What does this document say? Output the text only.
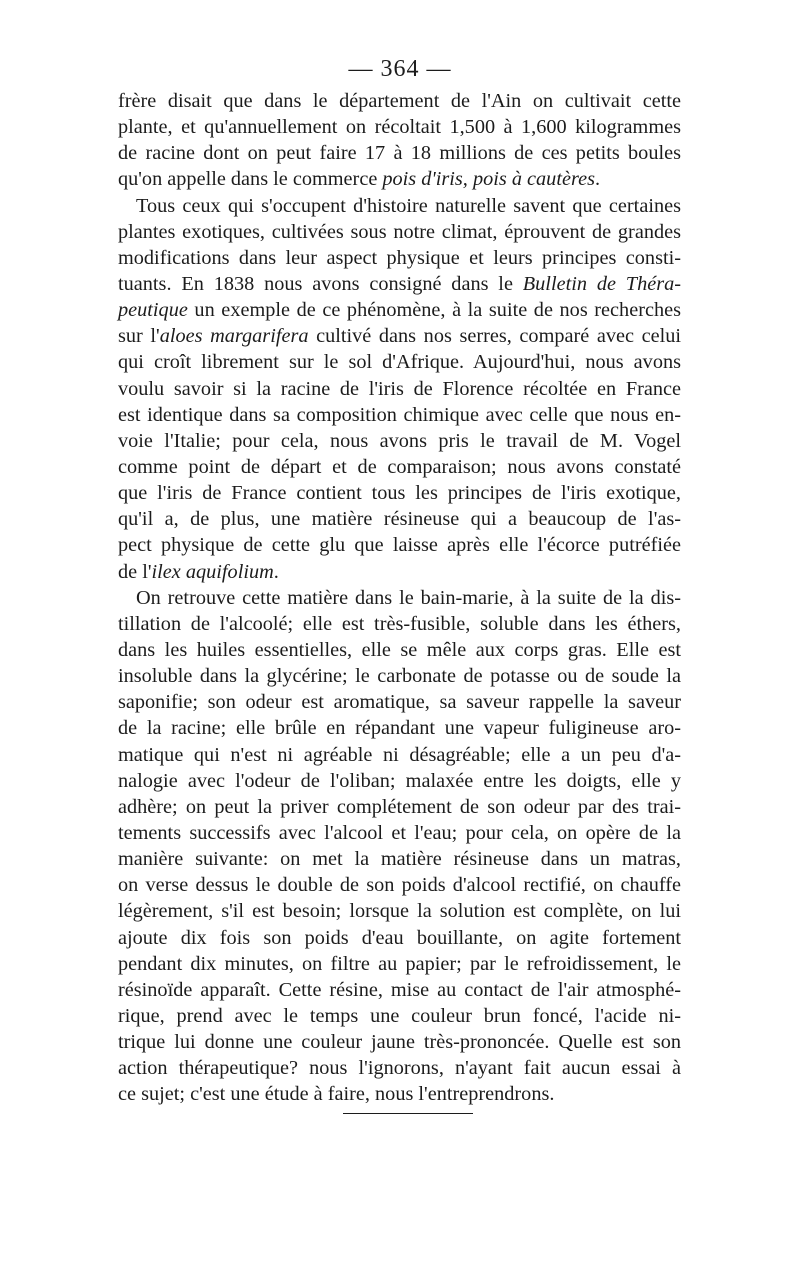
— 364 —
frère disait que dans le département de l'Ain on cultivait cette
plante, et qu'annuellement on récoltait 1,500 à 1,600 kilogrammes
de racine dont on peut faire 17 à 18 millions de ces petits boules
qu'on appelle dans le commerce pois d'iris, pois à cautères.
Tous ceux qui s'occupent d'histoire naturelle savent que certaines
plantes exotiques, cultivées sous notre climat, éprouvent de grandes
modifications dans leur aspect physique et leurs principes consti-
tuants. En 1838 nous avons consigné dans le Bulletin de Théra-
peutique un exemple de ce phénomène, à la suite de nos recherches
sur l'aloes margarifera cultivé dans nos serres, comparé avec celui
qui croît librement sur le sol d'Afrique. Aujourd'hui, nous avons
voulu savoir si la racine de l'iris de Florence récoltée en France
est identique dans sa composition chimique avec celle que nous en-
voie l'Italie; pour cela, nous avons pris le travail de M. Vogel
comme point de départ et de comparaison; nous avons constaté
que l'iris de France contient tous les principes de l'iris exotique,
qu'il a, de plus, une matière résineuse qui a beaucoup de l'as-
pect physique de cette glu que laisse après elle l'écorce putréfiée
de l'ilex aquifolium.
On retrouve cette matière dans le bain-marie, à la suite de la dis-
tillation de l'alcoolé; elle est très-fusible, soluble dans les éthers,
dans les huiles essentielles, elle se mêle aux corps gras. Elle est
insoluble dans la glycérine; le carbonate de potasse ou de soude la
saponifie; son odeur est aromatique, sa saveur rappelle la saveur
de la racine; elle brûle en répandant une vapeur fuligineuse aro-
matique qui n'est ni agréable ni désagréable; elle a un peu d'a-
nalogie avec l'odeur de l'oliban; malaxée entre les doigts, elle y
adhère; on peut la priver complétement de son odeur par des trai-
tements successifs avec l'alcool et l'eau; pour cela, on opère de la
manière suivante: on met la matière résineuse dans un matras,
on verse dessus le double de son poids d'alcool rectifié, on chauffe
légèrement, s'il est besoin; lorsque la solution est complète, on lui
ajoute dix fois son poids d'eau bouillante, on agite fortement
pendant dix minutes, on filtre au papier; par le refroidissement, le
résinoïde apparaît. Cette résine, mise au contact de l'air atmosphé-
rique, prend avec le temps une couleur brun foncé, l'acide ni-
trique lui donne une couleur jaune très-prononcée. Quelle est son
action thérapeutique? nous l'ignorons, n'ayant fait aucun essai à
ce sujet; c'est une étude à faire, nous l'entreprendrons.
